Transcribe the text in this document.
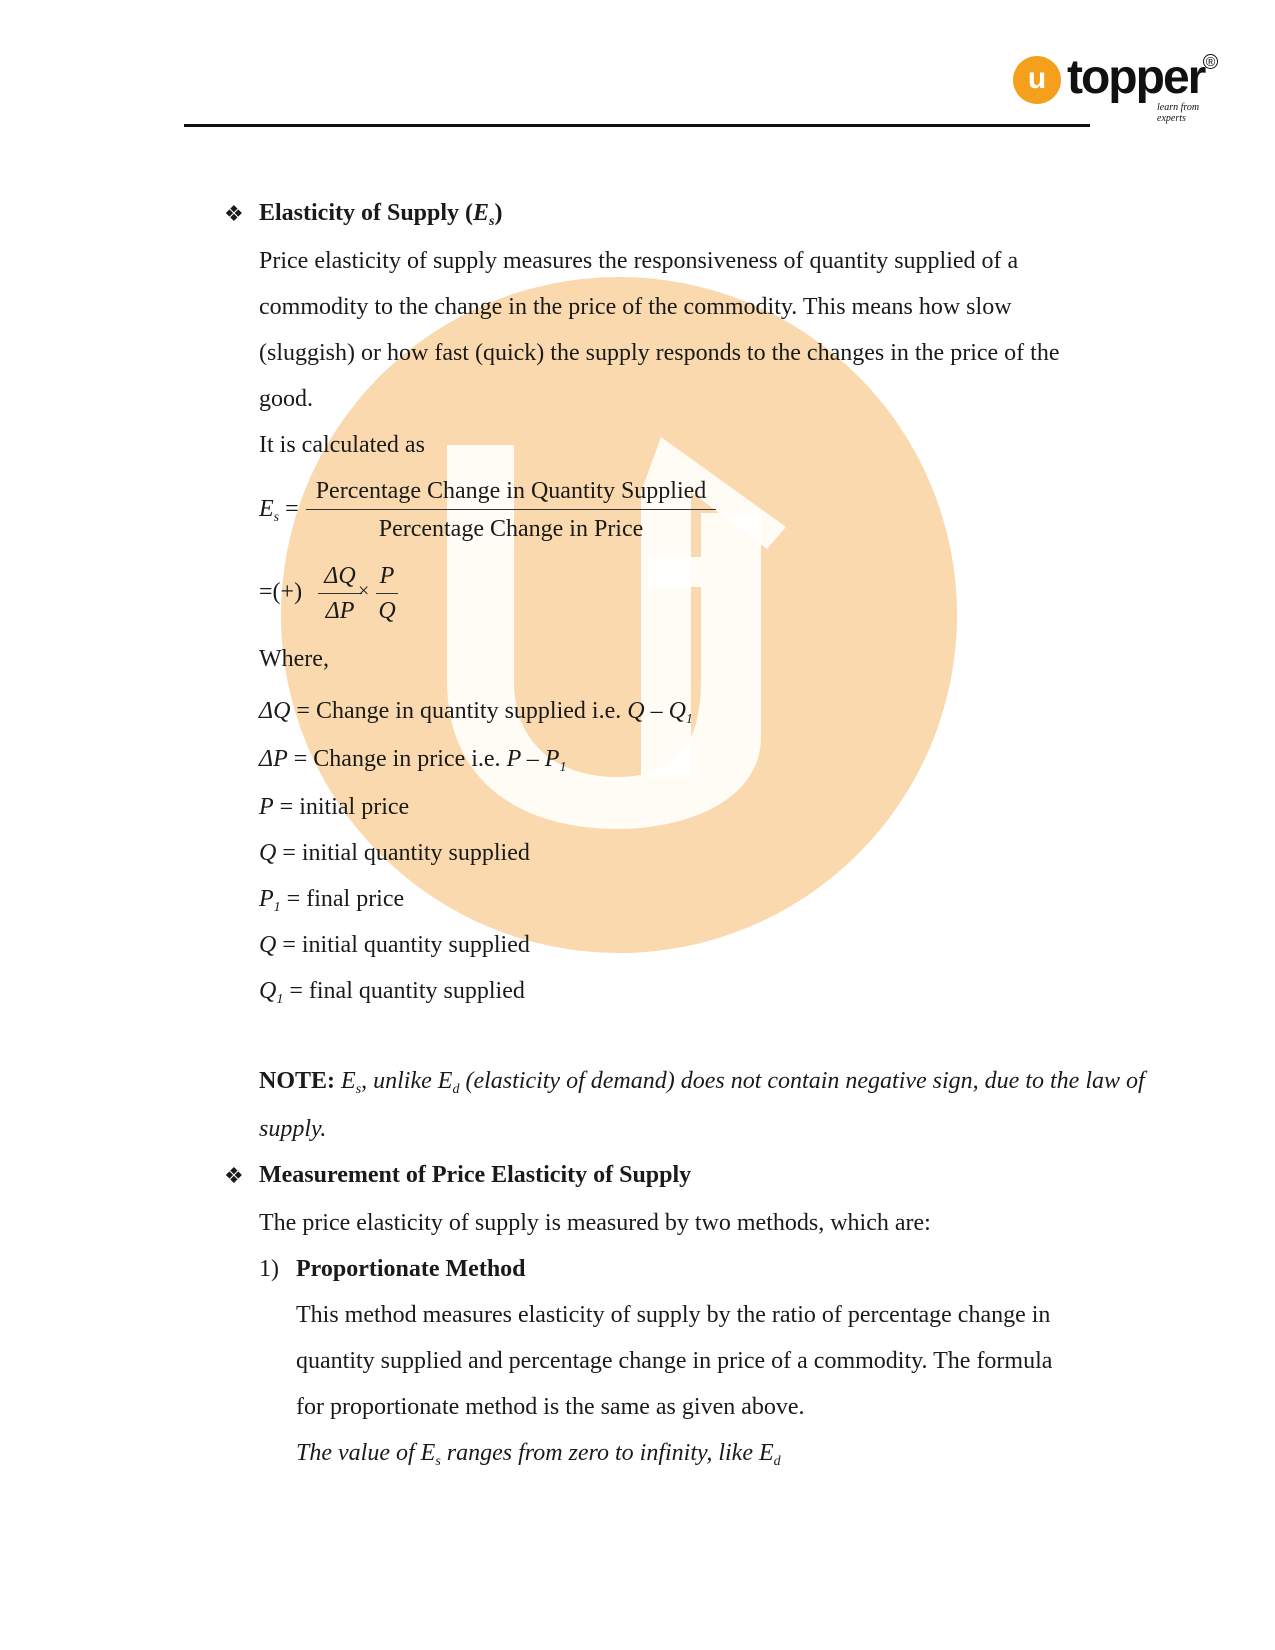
u topper ®
learn from experts
❖ Elasticity of Supply $(E_s)$
Price elasticity of supply measures the responsiveness of quantity supplied of a
commodity to the change in the price of the commodity. This means how slow
(sluggish) or how fast (quick) the supply responds to the changes in the price of the
good.
It is calculated as
$E_s$ =
Percentage Change in Quantity Supplied
Percentage Change in Price
=(+) $\frac{\Delta Q}{\Delta P}$
× $\frac{P}{Q}$
Where,
ΔQ = Change in quantity supplied i.e. Q – $Q_1$
ΔP = Change in price i.e. P – $P_1$
P = initial price
Q = initial quantity supplied
$P_1$ = final price
Q = initial quantity supplied
$Q_1$ = final quantity supplied
NOTE: $E_s$, unlike $E_d$ (elasticity of demand) does not contain negative sign, due to the law of
supply.
❖ Measurement of Price Elasticity of Supply
The price elasticity of supply is measured by two methods, which are:
1) Proportionate Method
This method measures elasticity of supply by the ratio of percentage change in
quantity supplied and percentage change in price of a commodity. The formula
for proportionate method is the same as given above.
The value of $E_s$ ranges from zero to infinity, like $E_d$
